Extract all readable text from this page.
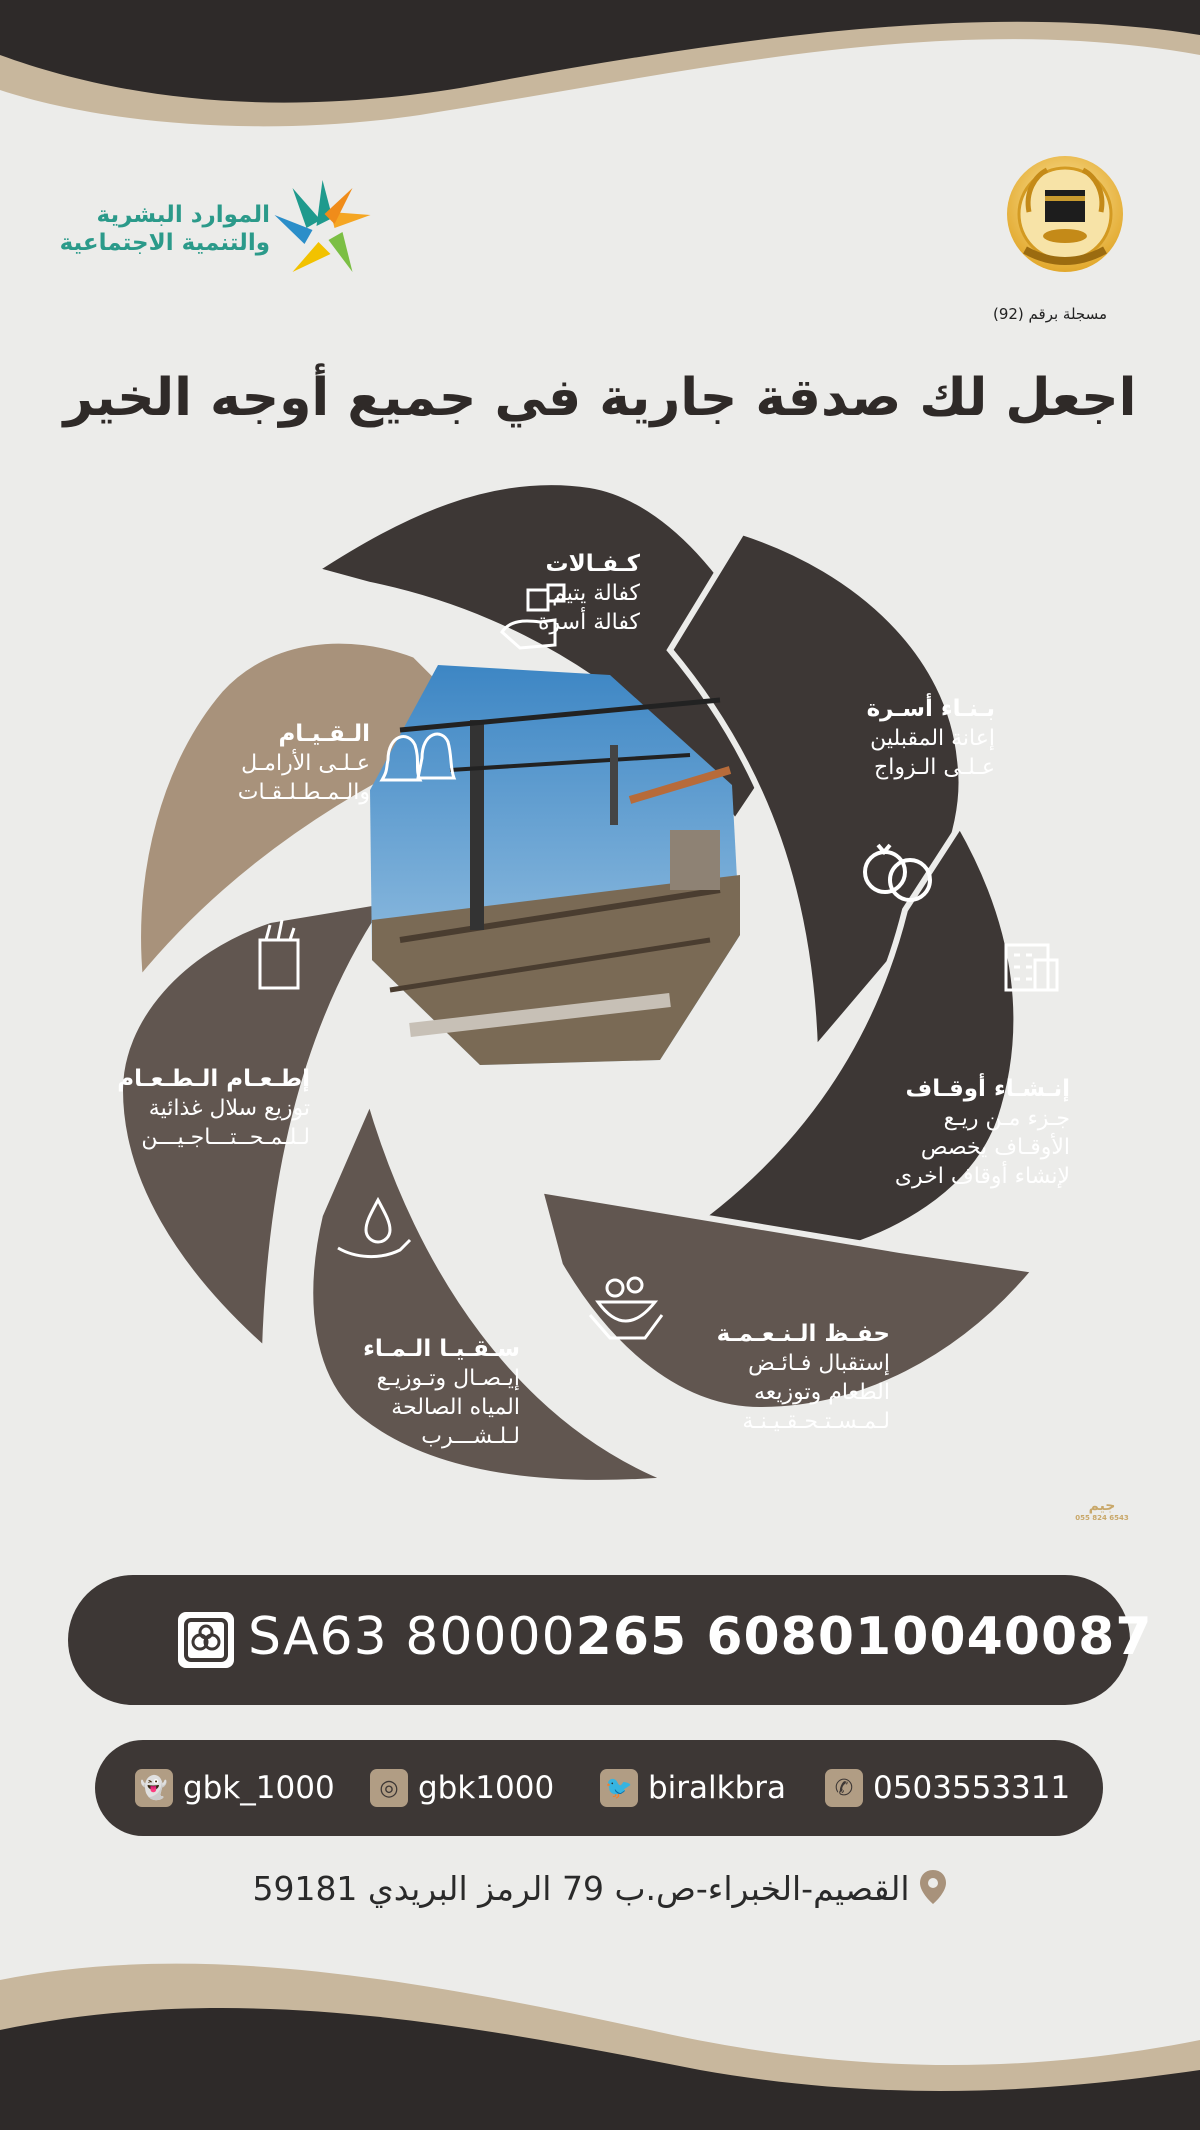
الموارد البشرية
والتنمية الاجتماعية
مسجلة برقم (92)
اجعل لك صدقة جارية في جميع أوجه الخير
كـفـالات
كفالة يتيم
كفالة أسرة
بـنـاء أسـرة
إعانة المقبلين
عـلـى الـزواج
إنـشـاء أوقـاف
جـزء مـن ريـع
الأوقـاف يخصص
لإنشاء أوقاف اخرى
حفـظ الـنـعـمـة
إستقبال فـائـض
الطعام وتوزيعه
لـمـسـتـحـقـيـنـة
سـقـيـا الـمـاء
إيـصـال وتـوزيـع
المياه الصالحة
لـلـشـــرب
إطـعـام الـطـعـام
توزيع سلال غذائية
لـلـمـحــتـــاجـيـــن
الـقـيـام
عـلـى الأرامـل
والـمـطـلـقـات
جيم
055 824 6543
SA63 80000265 608010040087
👻 gbk_1000	◎ gbk1000 🐦 biralkbra	✆ 0503553311
القصيم-الخبراء-ص.ب 79 الرمز البريدي 59181
